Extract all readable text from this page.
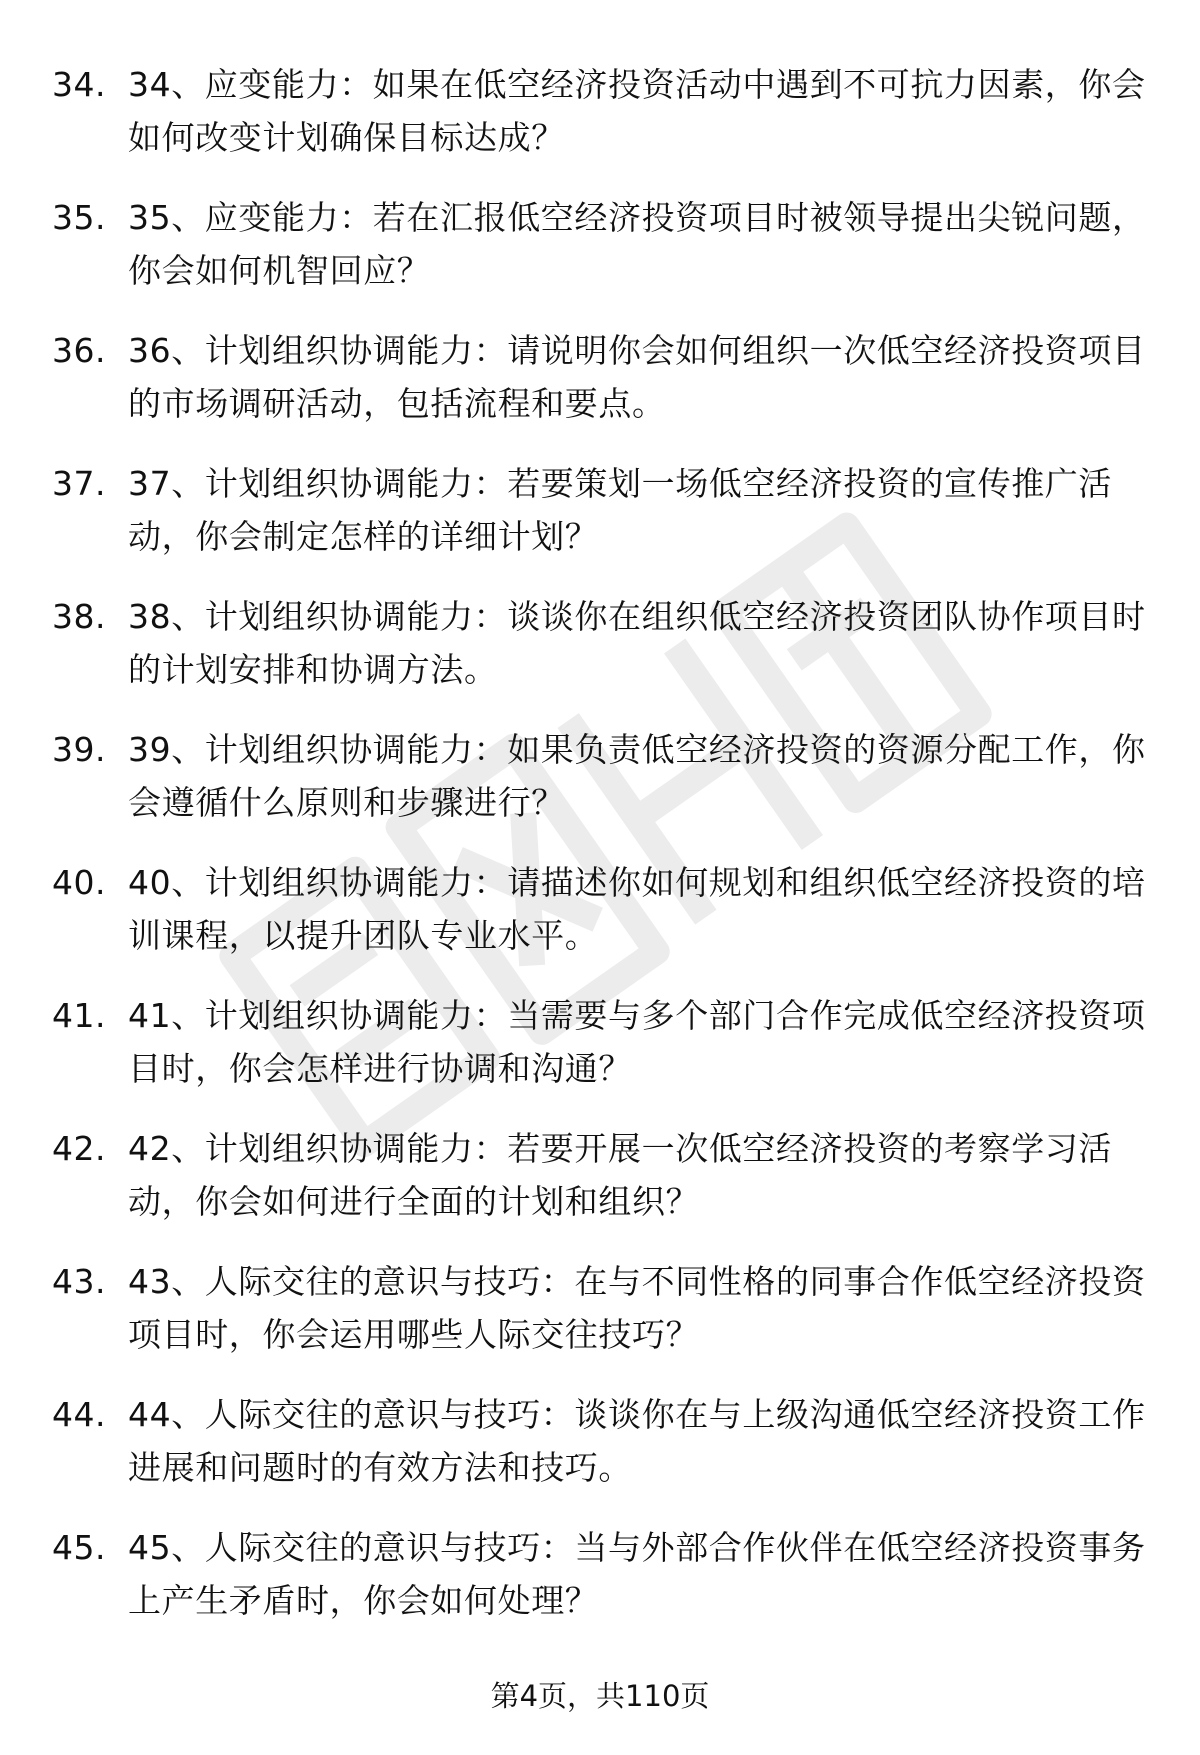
34. 34、应变能力：如果在低空经济投资活动中遇到不可抗力因素，你会如何改变计划确保目标达成？
35. 35、应变能力：若在汇报低空经济投资项目时被领导提出尖锐问题，你会如何机智回应？
36. 36、计划组织协调能力：请说明你会如何组织一次低空经济投资项目的市场调研活动，包括流程和要点。
37. 37、计划组织协调能力：若要策划一场低空经济投资的宣传推广活动，你会制定怎样的详细计划？
38. 38、计划组织协调能力：谈谈你在组织低空经济投资团队协作项目时的计划安排和协调方法。
39. 39、计划组织协调能力：如果负责低空经济投资的资源分配工作，你会遵循什么原则和步骤进行？
40. 40、计划组织协调能力：请描述你如何规划和组织低空经济投资的培训课程，以提升团队专业水平。
41. 41、计划组织协调能力：当需要与多个部门合作完成低空经济投资项目时，你会怎样进行协调和沟通？
42. 42、计划组织协调能力：若要开展一次低空经济投资的考察学习活动，你会如何进行全面的计划和组织？
43. 43、人际交往的意识与技巧：在与不同性格的同事合作低空经济投资项目时，你会运用哪些人际交往技巧？
44. 44、人际交往的意识与技巧：谈谈你在与上级沟通低空经济投资工作进展和问题时的有效方法和技巧。
45. 45、人际交往的意识与技巧：当与外部合作伙伴在低空经济投资事务上产生矛盾时，你会如何处理？
第4页，共110页
